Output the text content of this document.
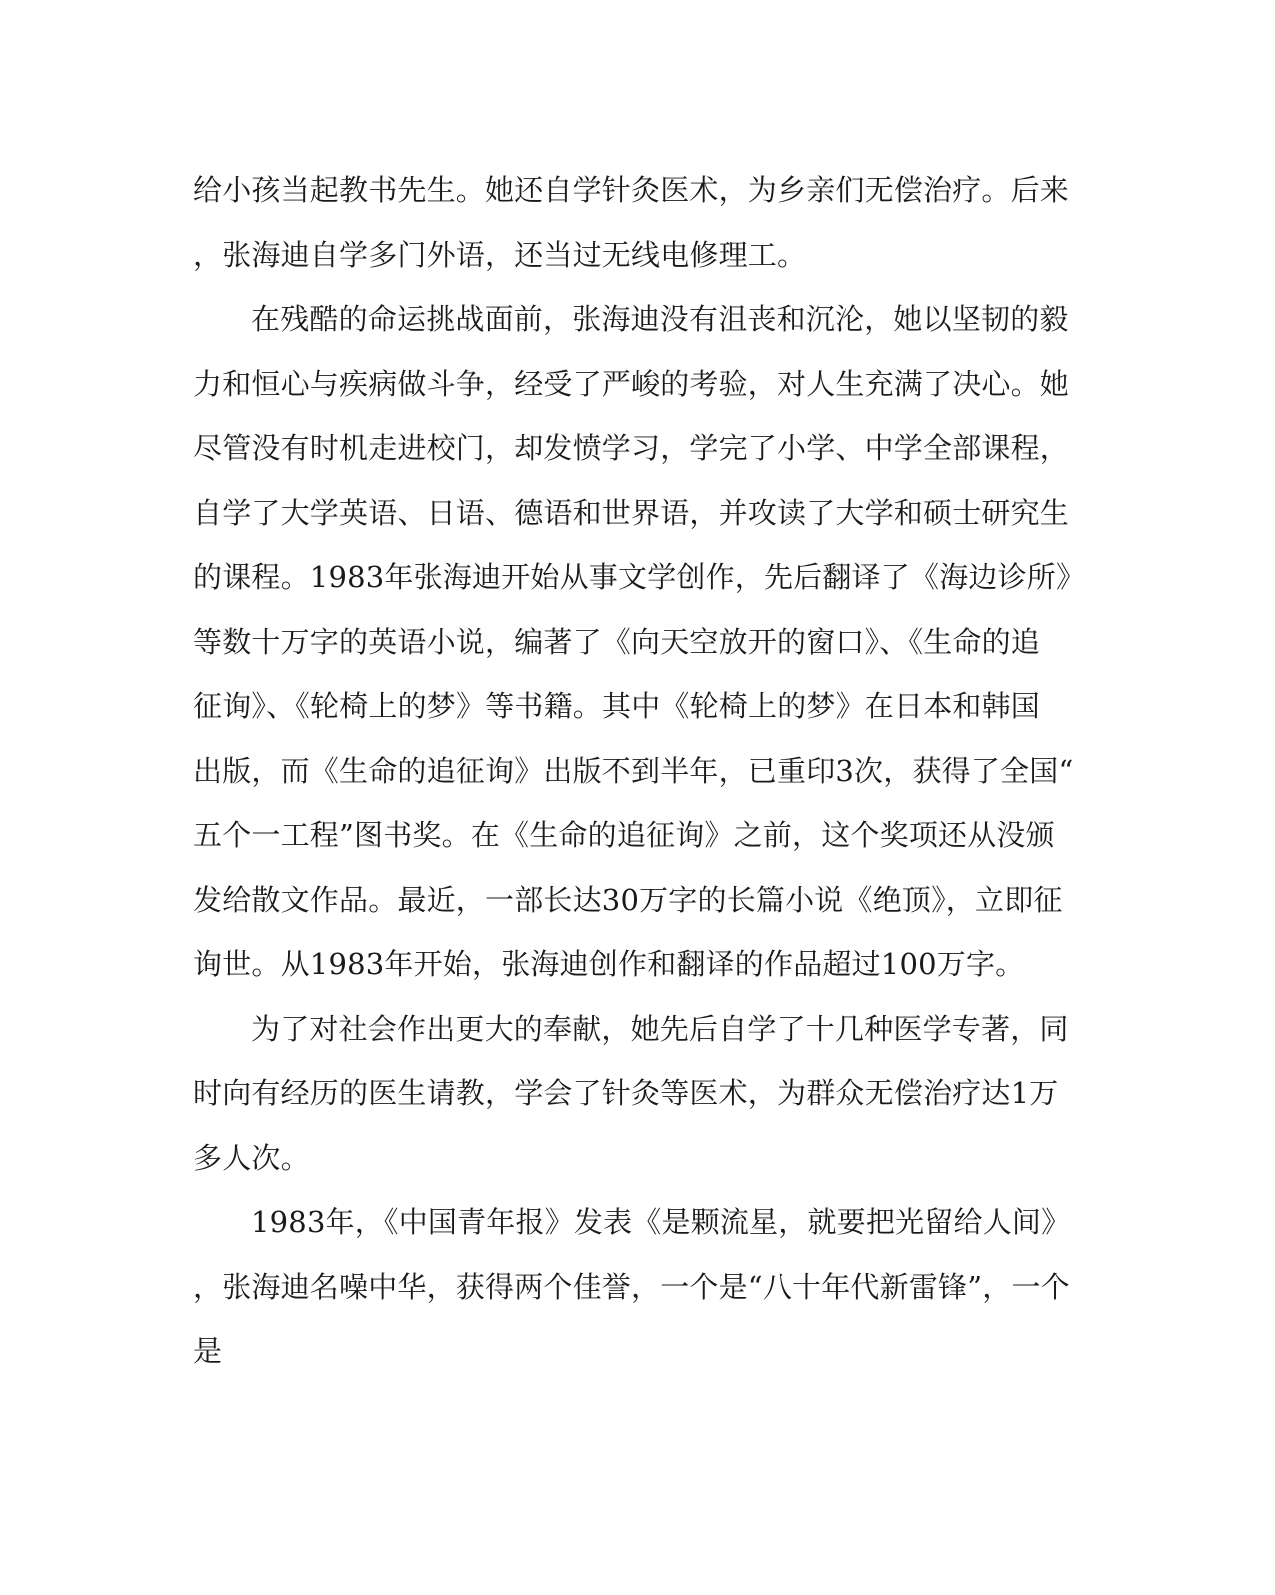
给小孩当起教书先生。她还自学针灸医术，为乡亲们无偿治疗。后来
，张海迪自学多门外语，还当过无线电修理工。
在残酷的命运挑战面前，张海迪没有沮丧和沉沦，她以坚韧的毅
力和恒心与疾病做斗争，经受了严峻的考验，对人生充满了决心。她
尽管没有时机走进校门，却发愤学习，学完了小学、中学全部课程，
自学了大学英语、日语、德语和世界语，并攻读了大学和硕士研究生
的课程。1983年张海迪开始从事文学创作，先后翻译了《海边诊所》
等数十万字的英语小说，编著了《向天空放开的窗口》、《生命的追
征询》、《轮椅上的梦》等书籍。其中《轮椅上的梦》在日本和韩国
出版，而《生命的追征询》出版不到半年，已重印3次，获得了全国“
五个一工程”图书奖。在《生命的追征询》之前，这个奖项还从没颁
发给散文作品。最近，一部长达30万字的长篇小说《绝顶》，立即征
询世。从1983年开始，张海迪创作和翻译的作品超过100万字。
为了对社会作出更大的奉献，她先后自学了十几种医学专著，同
时向有经历的医生请教，学会了针灸等医术，为群众无偿治疗达1万
多人次。
1983年，《中国青年报》发表《是颗流星，就要把光留给人间》
，张海迪名噪中华，获得两个佳誉，一个是“八十年代新雷锋”，一个
是
